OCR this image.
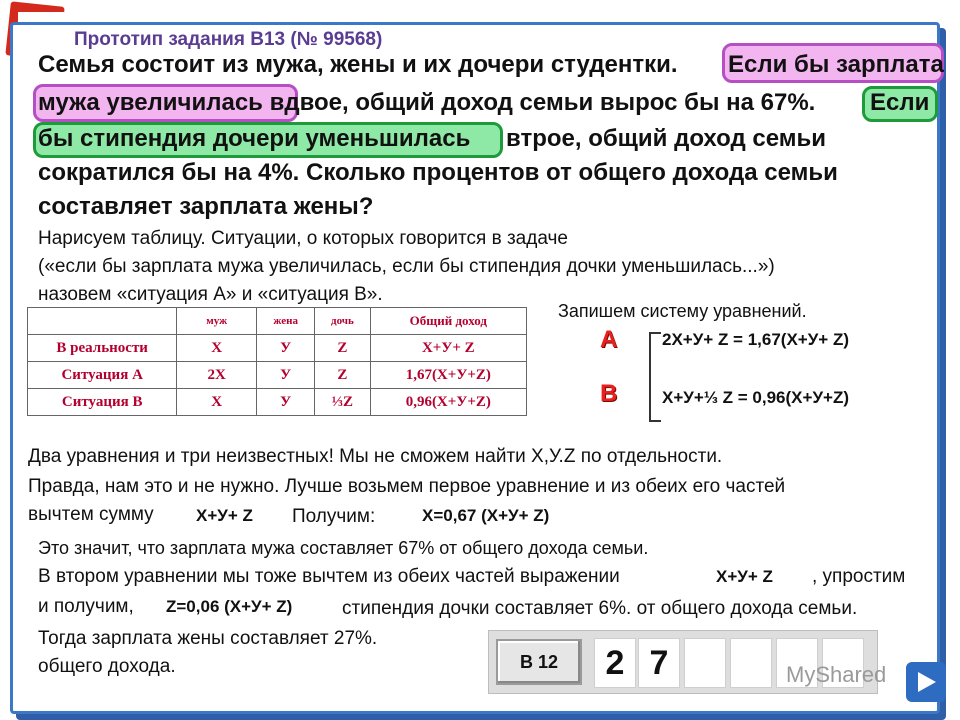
Прототип задания В13 (№ 99568)
Семья состоит из мужа, жены и их дочери студентки. Если бы зарплата
мужа увеличилась вдвое, общий доход семьи вырос бы на 67%. Если
бы стипендия дочери уменьшилась втрое, общий доход семьи
сократился бы на 4%. Сколько процентов от общего дохода семьи
составляет зарплата жены?
Нарисуем таблицу. Ситуации, о которых говорится в задаче
(«если бы зарплата мужа увеличилась, если бы стипендия дочки уменьшилась...»)
назовем «ситуация А» и «ситуация В».
	муж	жена	дочь	Общий доход
В реальности	X	У	Z	X+У+ Z
Ситуация А	2X	У	Z	1,67(X+У+Z)
Ситуация В	X	У	⅓Z	0,96(X+У+Z)
Запишем систему уравнений.
А
В
2X+У+ Z = 1,67(X+У+ Z)
X+У+⅓ Z = 0,96(X+У+Z)
Два уравнения и три неизвестных! Мы не сможем найти X,У.Z по отдельности.
Правда, нам это и не нужно. Лучше возьмем первое уравнение и из обеих его частей
вычтем сумму X+У+ Z Получим:	X=0,67 (X+У+ Z)
Это значит, что зарплата мужа составляет 67% от общего дохода семьи.
В втором уравнении мы тоже вычтем из обеих частей выражении	X+У+ Z , упростим
и получим, Z=0,06 (X+У+ Z)	стипендия дочки составляет 6%. от общего дохода семьи.
Тогда зарплата жены составляет 27%.
общего дохода.	В 12	2 7	MyShared
